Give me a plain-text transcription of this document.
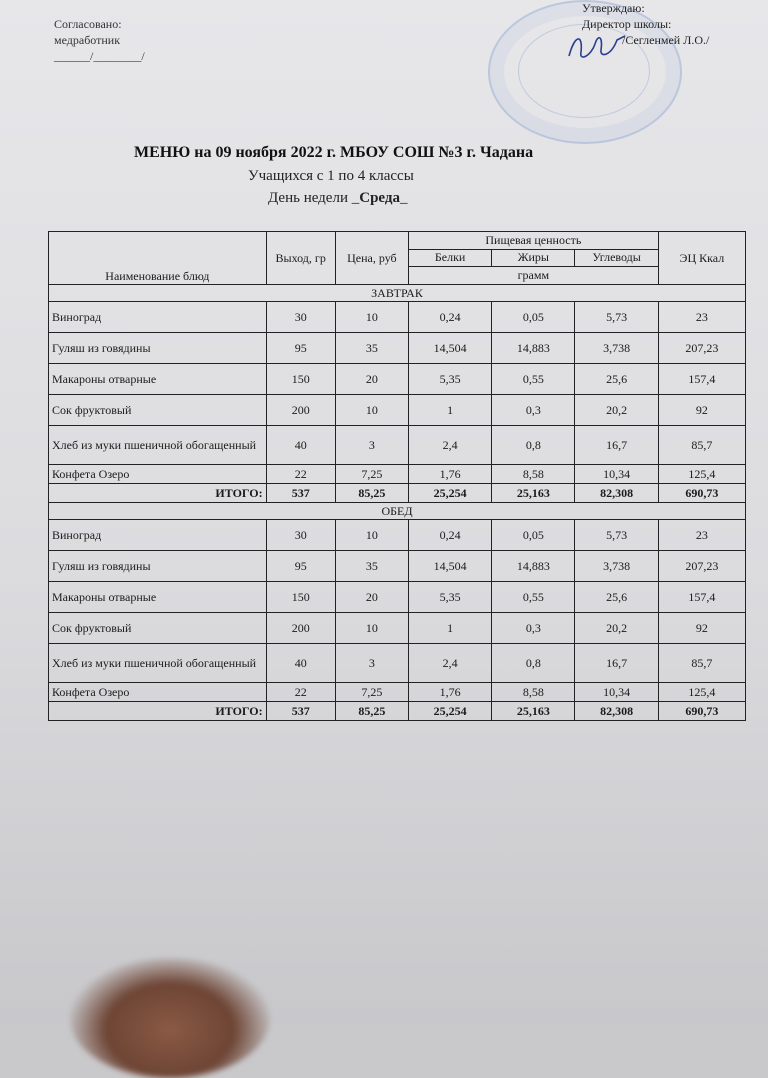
Согласовано:
медработник
______/________/
Утверждаю:
Директор школы:
/Сегленмей Л.О./
МЕНЮ на 09 ноября 2022 г. МБОУ СОШ №3 г. Чадана
Учащихся с 1 по 4 классы
День недели _Среда_
Наименование блюд	Выход, гр	Цена, руб	Пищевая ценность			ЭЦ Ккал
			Белки	Жиры	Углеводы	
			грамм			
ЗАВТРАК						
Виноград	30	10	0,24	0,05	5,73	23
Гуляш из говядины	95	35	14,504	14,883	3,738	207,23
Макароны отварные	150	20	5,35	0,55	25,6	157,4
Сок фруктовый	200	10	1	0,3	20,2	92
Хлеб из муки пшеничной обогащенный	40	3	2,4	0,8	16,7	85,7
Конфета Озеро	22	7,25	1,76	8,58	10,34	125,4
ИТОГО:	537	85,25	25,254	25,163	82,308	690,73
ОБЕД						
Виноград	30	10	0,24	0,05	5,73	23
Гуляш из говядины	95	35	14,504	14,883	3,738	207,23
Макароны отварные	150	20	5,35	0,55	25,6	157,4
Сок фруктовый	200	10	1	0,3	20,2	92
Хлеб из муки пшеничной обогащенный	40	3	2,4	0,8	16,7	85,7
Конфета Озеро	22	7,25	1,76	8,58	10,34	125,4
ИТОГО:	537	85,25	25,254	25,163	82,308	690,73
